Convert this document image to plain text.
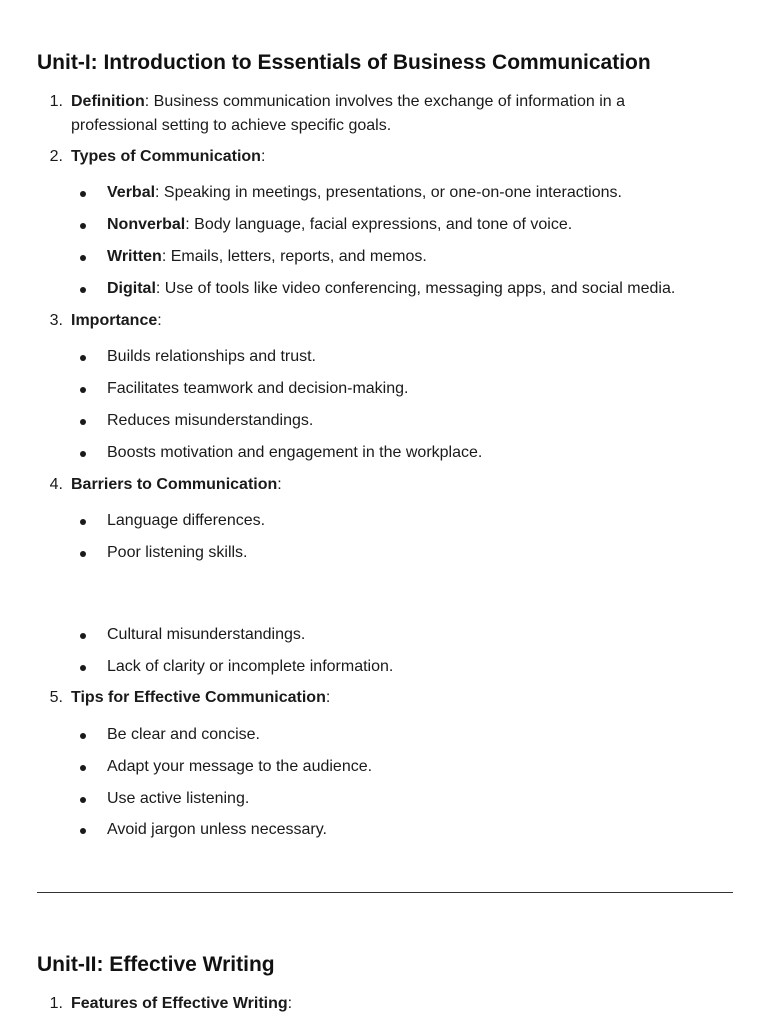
Unit-I: Introduction to Essentials of Business Communication
1. Definition: Business communication involves the exchange of information in a
professional setting to achieve specific goals.
2. Types of Communication:
Verbal: Speaking in meetings, presentations, or one-on-one interactions.
Nonverbal: Body language, facial expressions, and tone of voice.
Written: Emails, letters, reports, and memos.
Digital: Use of tools like video conferencing, messaging apps, and social media.
3. Importance:
Builds relationships and trust.
Facilitates teamwork and decision-making.
Reduces misunderstandings.
Boosts motivation and engagement in the workplace.
4. Barriers to Communication:
Language differences.
Poor listening skills.
Cultural misunderstandings.
Lack of clarity or incomplete information.
5. Tips for Effective Communication:
Be clear and concise.
Adapt your message to the audience.
Use active listening.
Avoid jargon unless necessary.
Unit-II: Effective Writing
1. Features of Effective Writing:
